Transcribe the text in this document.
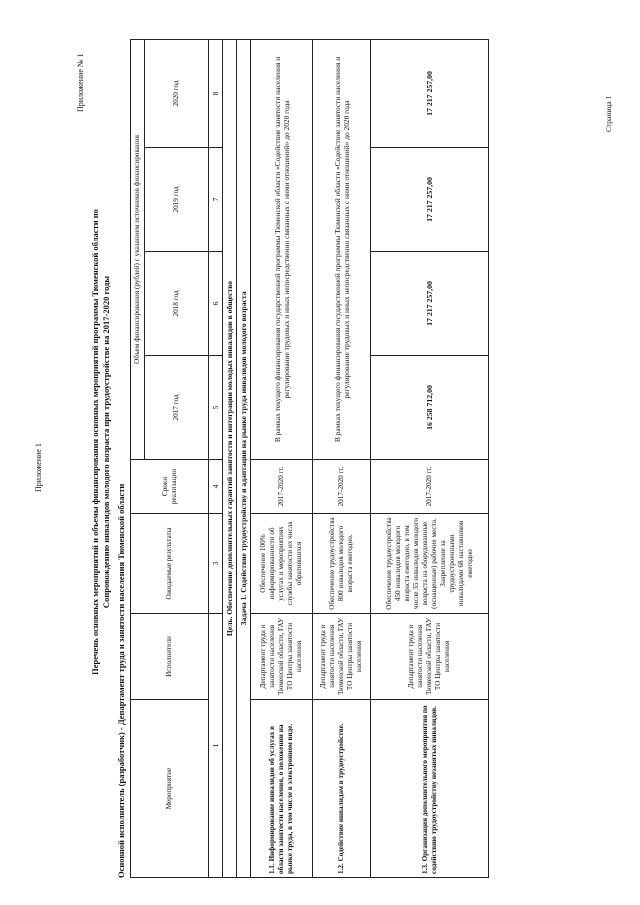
Приложение 1
Приложение № 1
Перечень основных мероприятий и объемы финансирования основных мероприятий программы Тюменской области по Сопровождению инвалидов молодого возраста при трудоустройстве на 2017-2020 годы
Основной исполнитель (разработчик) - Департамент труда и занятости населения Тюменской области	Мероприятие	Исполнители	Ожидаемые результаты	Сроки реализации	Объем финансирования (рублей) с указанием источников финансирования			
				2017 год	2018 год	2019 год	2020 год
1		3	4	5	6	7	8
Цель. Обеспечение дополнительных гарантий занятости и интеграции молодых инвалидов в общество							
Задача 1. Содействие трудоустройству и адаптации на рынке труда инвалидов молодого возраста							
1.1. Информирование инвалидов об услугах в области занятости населения, о положении на рынке труда, в том числе в электронном виде.	Департамент труда и занятости населения Тюменской области, ГАУ ТО Центры занятости населения	Обеспечение 100% информированности об услугах и мероприятиях службы занятости их числа обратившихся	2017-2020 гг.	В рамках текущего финансирования государственной программы Тюменской области «Содействие занятости населения и регулирование трудовых и иных непосредственно связанных с ними отношений» до 2020 года			
1.2. Содействие инвалидам в трудоустройстве.	Департамент труда и занятости населения Тюменской области, ГАУ ТО Центры занятости населения	Обеспечение трудоустройства 800 инвалидов молодого возраста ежегодно.	2017-2020 гг.	В рамках текущего финансирования государственной программы Тюменской области «Содействие занятости населения и регулирование трудовых и иных непосредственно связанных с ними отношений» до 2020 года			
1.3. Организация дополнительного мероприятия по содействию трудоустройству незанятых инвалидов.	Департамент труда и занятости населения Тюменской области, ГАУ ТО Центры занятости населения	Обеспечение трудоустройства 450 инвалидов молодого возраста ежегодно, в том числе 35 инвалидов молодого возраста на оборудованные (оснащенные) рабочие места. Закрепление за трудоустроенными инвалидами 68 наставников ежегодно	2017-2020 гг.	16 258 712,00	17 217 257,00	17 217 257,00	17 217 257,00	Страница 1
